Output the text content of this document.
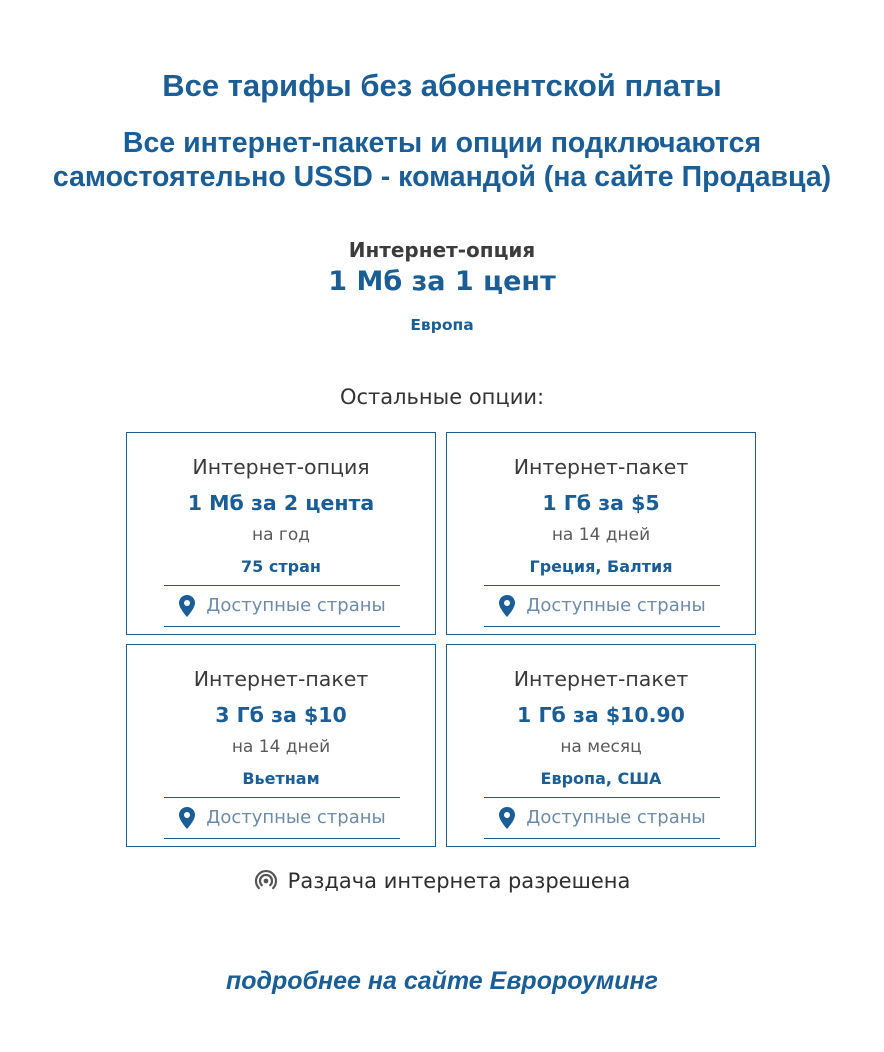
Все тарифы без абонентской платы
Все интернет-пакеты и опции подключаются
самостоятельно USSD - командой (на сайте Продавца)
Интернет-опция
1 Мб за 1 цент
Европа
Остальные опции:
Интернет-опция
1 Мб за 2 цента
на год
75 стран
Доступные страны
Интернет-пакет
1 Гб за $5
на 14 дней
Греция, Балтия
Доступные страны
Интернет-пакет
3 Гб за $10
на 14 дней
Вьетнам
Доступные страны
Интернет-пакет
1 Гб за $10.90
на месяц
Европа, США
Доступные страны
Раздача интернета разрешена
подробнее на сайте Евророуминг
